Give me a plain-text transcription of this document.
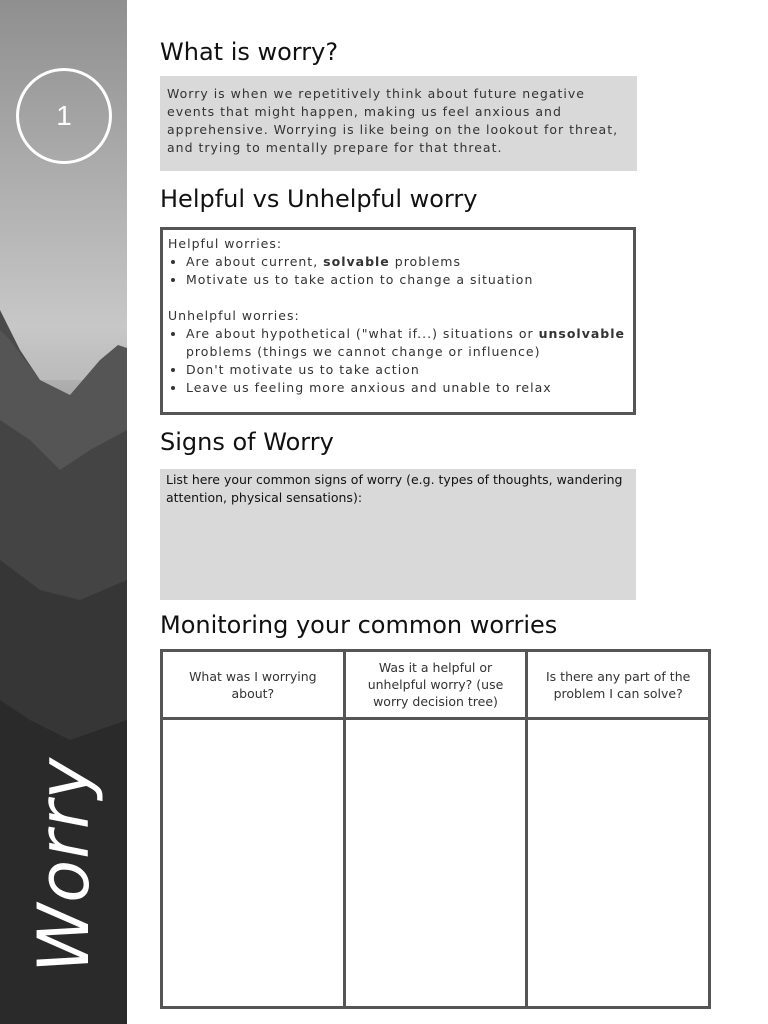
1
Worry
What is worry?
Worry is when we repetitively think about future negative events that might happen, making us feel anxious and apprehensive. Worrying is like being on the lookout for threat, and trying to mentally prepare for that threat.
Helpful vs Unhelpful worry
Helpful worries:
• Are about current, solvable problems
• Motivate us to take action to change a situation
Unhelpful worries:
• Are about hypothetical ("what if...) situations or unsolvable problems (things we cannot change or influence)
• Don't motivate us to take action
• Leave us feeling more anxious and unable to relax
Signs of Worry
List here your common signs of worry (e.g. types of thoughts, wandering attention, physical sensations):
Monitoring your common worries
What was I worrying about?
Was it a helpful or unhelpful worry? (use worry decision tree)
Is there any part of the problem I can solve?
